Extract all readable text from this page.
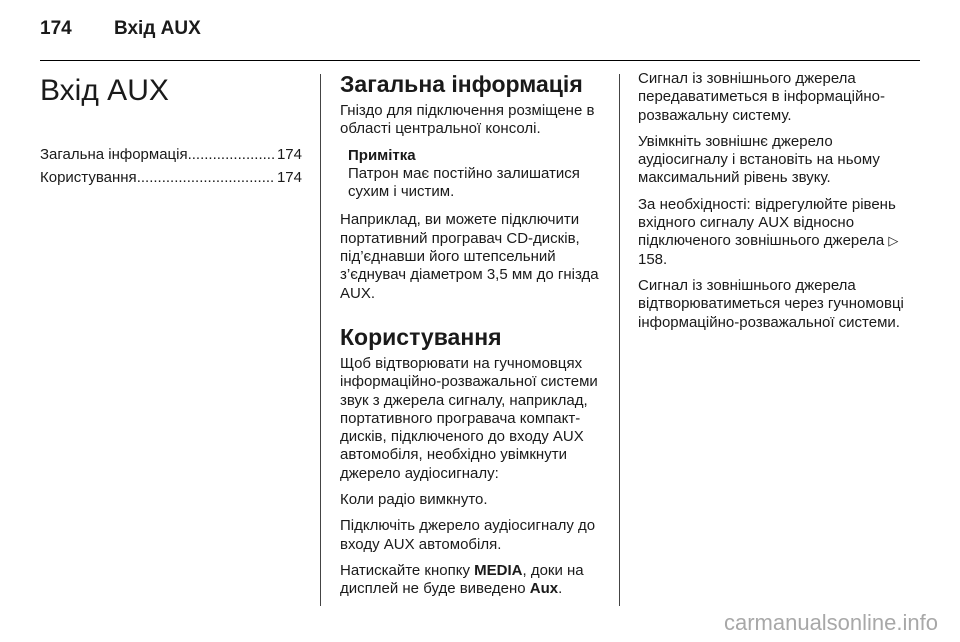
174 Вхід AUX
Вхід AUX
Загальна інформація .....	174
Користування .....	174
Загальна інформація

Гніздо для підключення розміщене в області центральної консолі.

Примітка

Патрон має постійно залишатися сухим і чистим.

Наприклад, ви можете підключити портативний програвач CD-дисків, під’єднавши його штепсельний з’єднувач діаметром 3,5 мм до гнізда AUX.

Користування

Щоб відтворювати на гучномовцях інформаційно-розважальної системи звук з джерела сигналу, наприклад, портативного програвача компакт-дисків, підключеного до входу AUX автомобіля, необхідно увімкнути джерело аудіосигналу:

Коли радіо вимкнуто.

Підключіть джерело аудіосигналу до входу AUX автомобіля.

Натискайте кнопку MEDIA, доки на дисплей не буде виведено Aux.

Сигнал із зовнішнього джерела передаватиметься в інформаційно-розважальну систему.

Увімкніть зовнішнє джерело аудіосигналу і встановіть на ньому максимальний рівень звуку.

За необхідності: відрегулюйте рівень вхідного сигналу AUX відносно підключеного зовнішнього джерела ▷ 158.

Сигнал із зовнішнього джерела відтворюватиметься через гучномовці інформаційно-розважальної системи.

carmanualsonline.info
